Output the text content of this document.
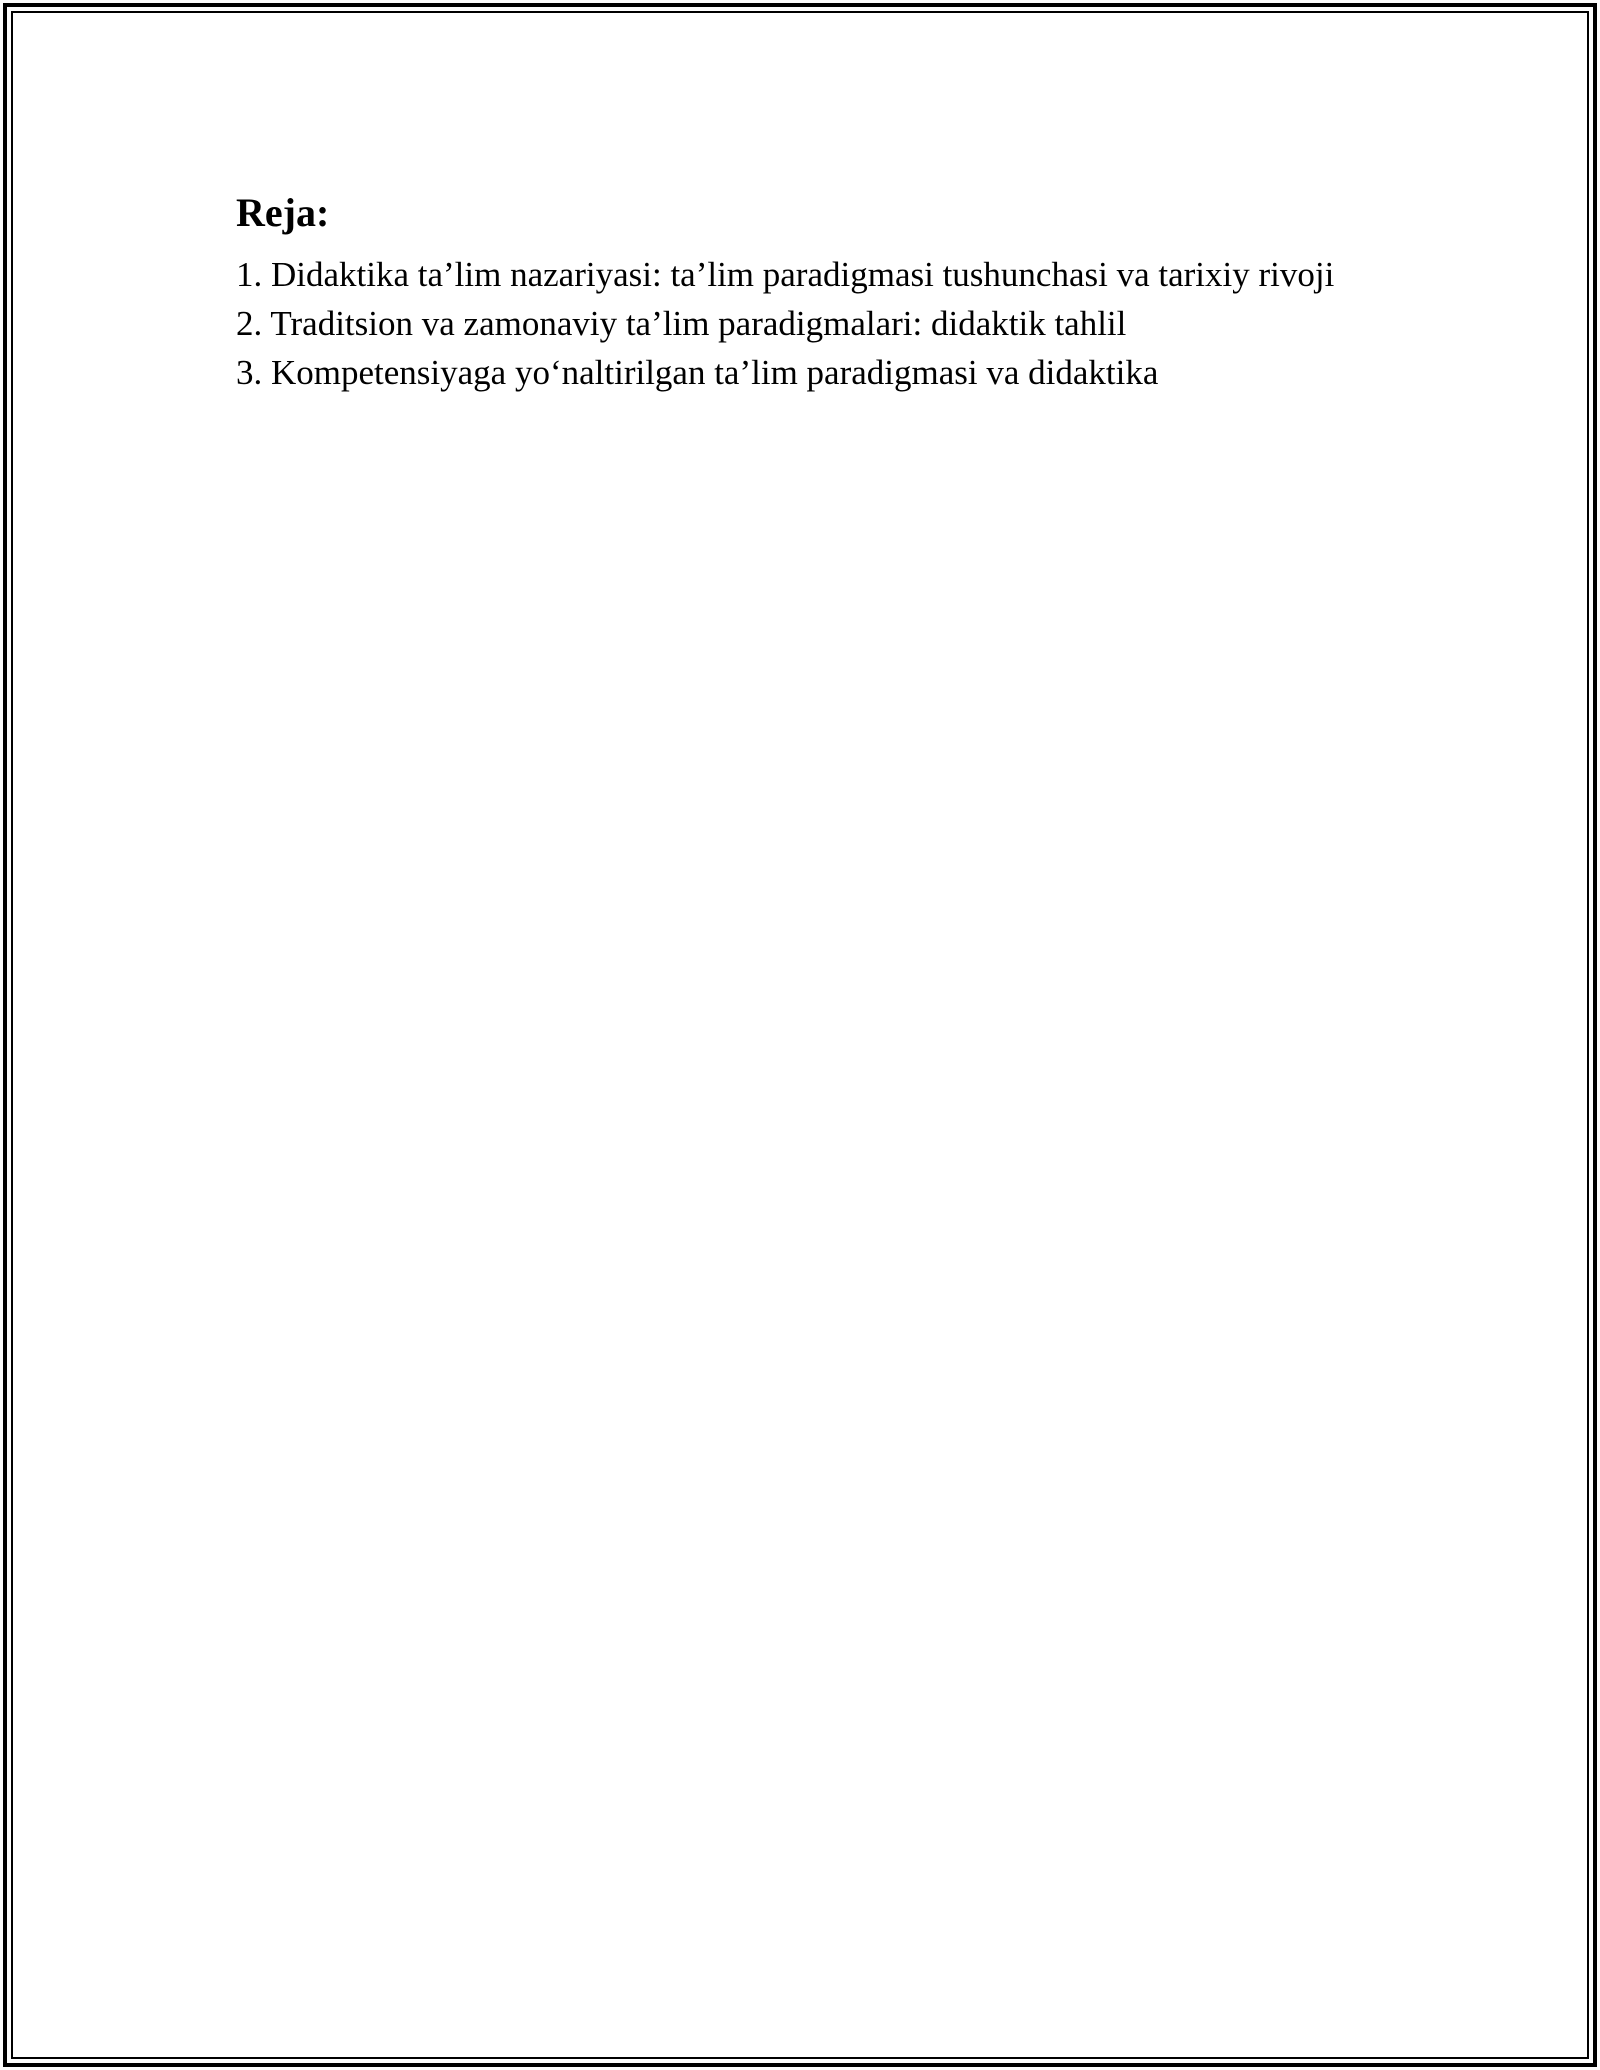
Reja:
1. Didaktika ta’lim nazariyasi: ta’lim paradigmasi tushunchasi va tarixiy rivoji
2. Traditsion va zamonaviy ta’lim paradigmalari: didaktik tahlil
3. Kompetensiyaga yo‘naltirilgan ta’lim paradigmasi va didaktika
